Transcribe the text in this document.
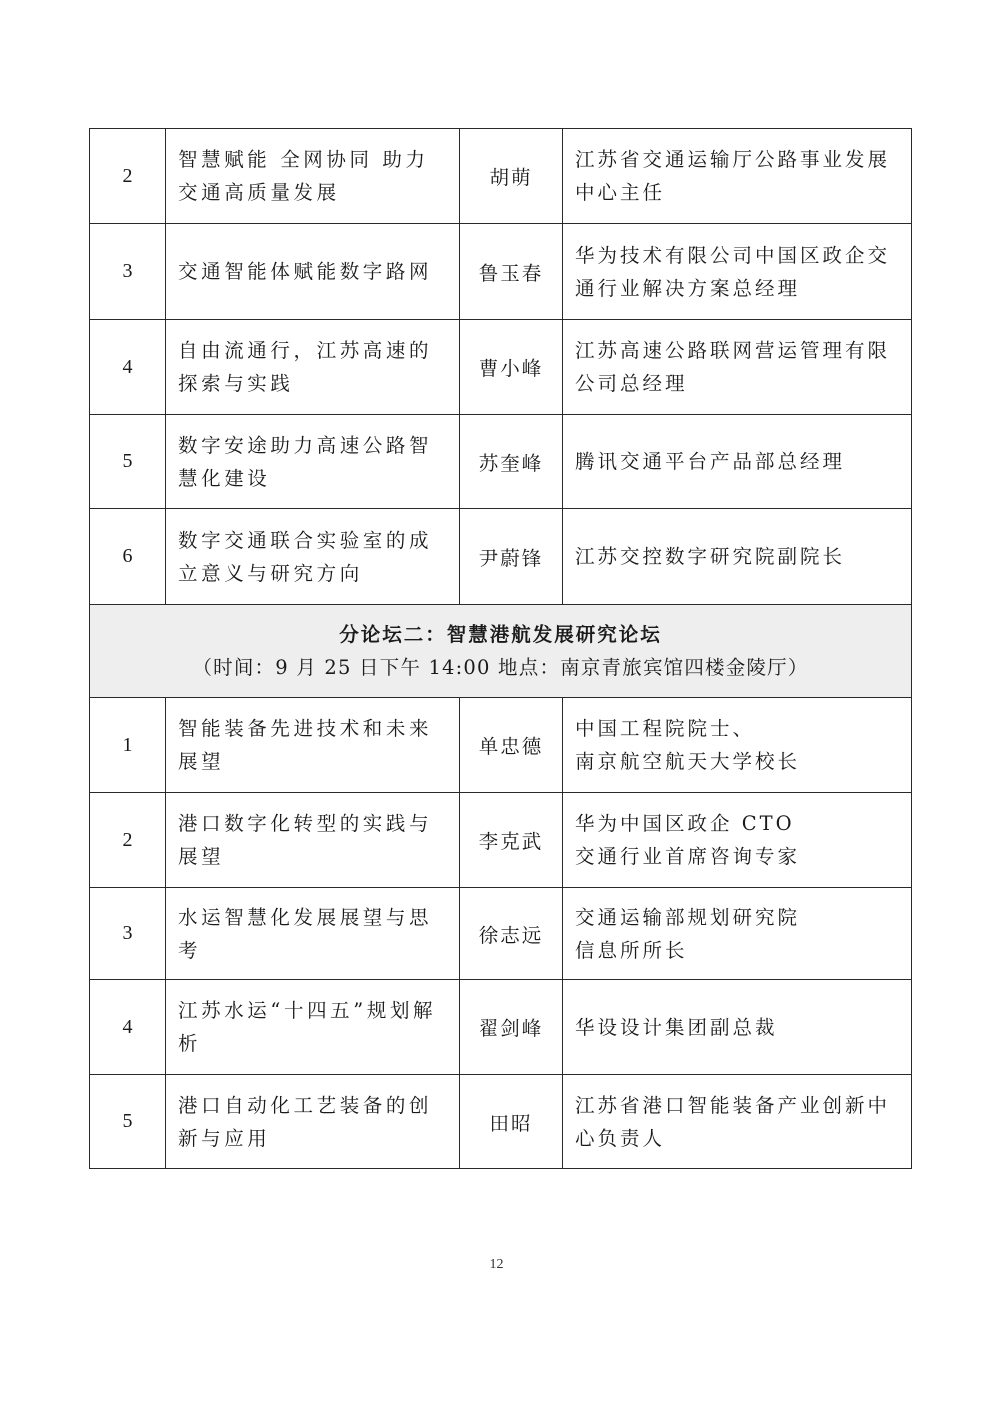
2	智慧赋能 全网协同 助力交通高质量发展	胡萌	江苏省交通运输厅公路事业发展中心主任
3	交通智能体赋能数字路网	鲁玉春	华为技术有限公司中国区政企交通行业解决方案总经理
4	自由流通行，江苏高速的探索与实践	曹小峰	江苏高速公路联网营运管理有限公司总经理
5	数字安途助力高速公路智慧化建设	苏奎峰	腾讯交通平台产品部总经理
6	数字交通联合实验室的成立意义与研究方向	尹蔚锋	江苏交控数字研究院副院长

分论坛二：智慧港航发展研究论坛
（时间：9 月 25 日下午 14:00 地点：南京青旅宾馆四楼金陵厅）			

1	智能装备先进技术和未来展望	单忠德	中国工程院院士、
南京航空航天大学校长

2	港口数字化转型的实践与展望	李克武	华为中国区政企 CTO
交通行业首席咨询专家

3	水运智慧化发展展望与思考	徐志远	交通运输部规划研究院
信息所所长

4	江苏水运“十四五”规划解析	翟剑峰	华设设计集团副总裁

5	港口自动化工艺装备的创新与应用	田昭	江苏省港口智能装备产业创新中心负责人
12
